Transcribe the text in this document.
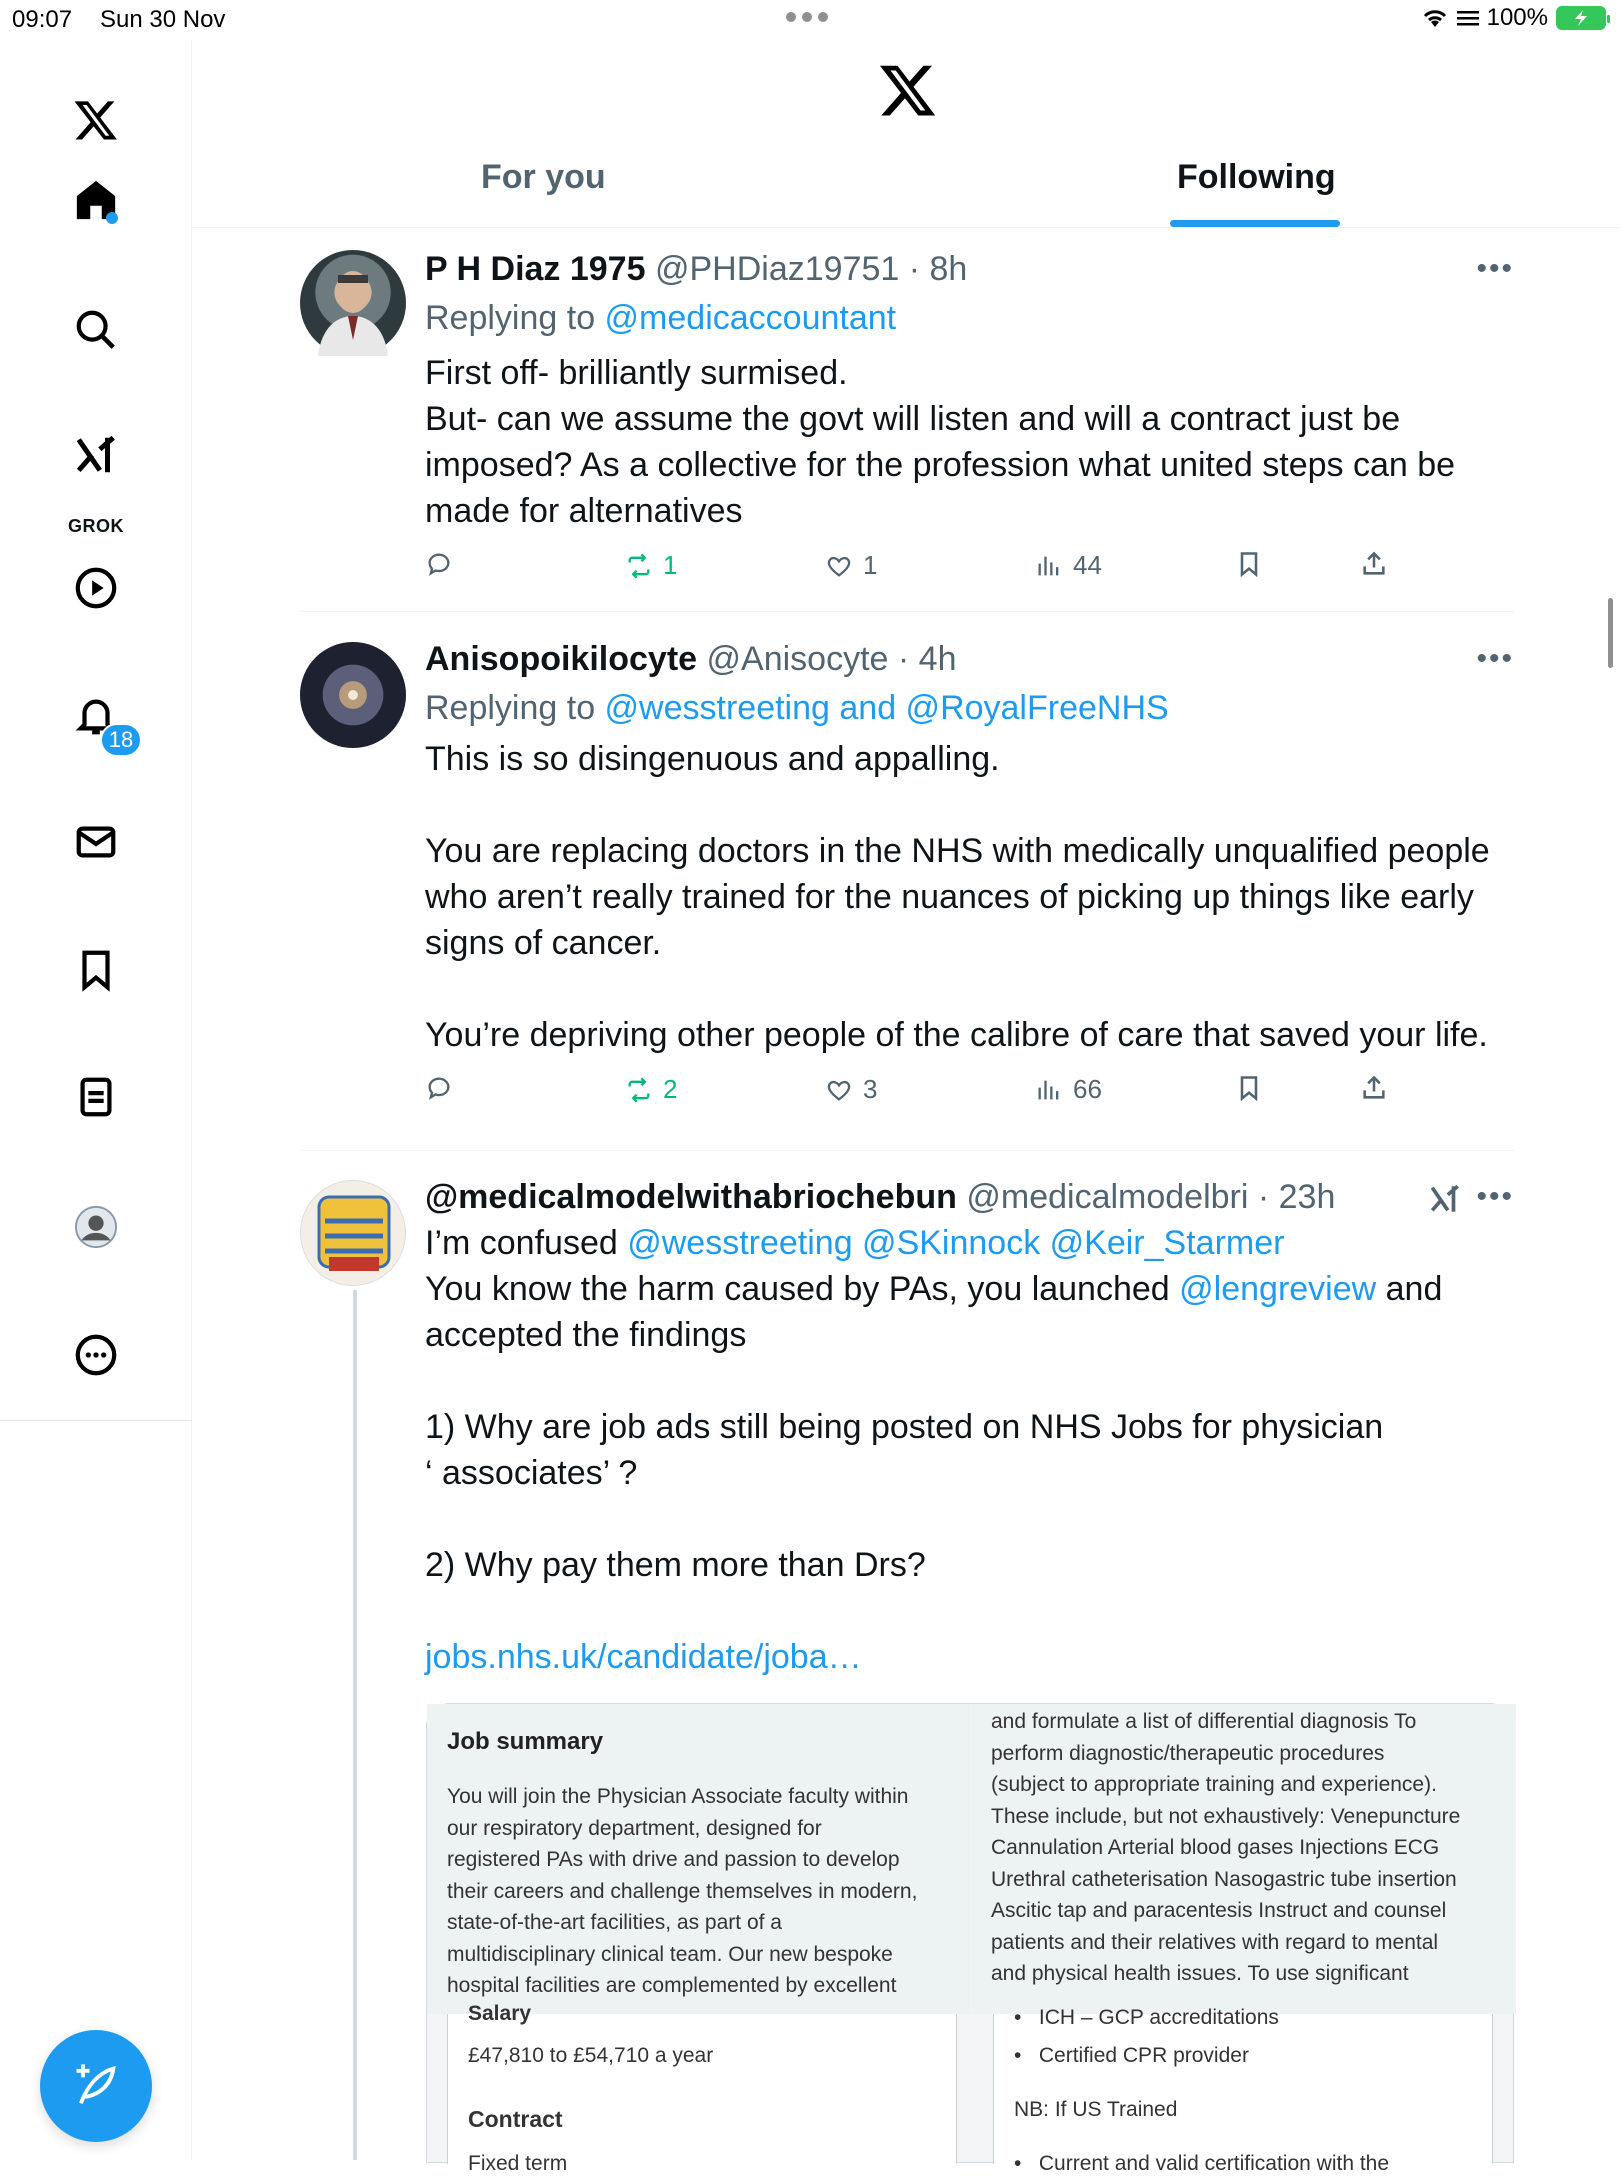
09:07 Sun 30 Nov	100%
GROK
18
For you	Following
P H Diaz 1975 @PHDiaz19751 · 8h	•••
Replying to @medicaccountant

First off- brilliantly surmised.

But- can we assume the govt will listen and will a contract just be

imposed? As a collective for the profession what united steps can be

made for alternatives

1	1	44
Anisopoikilocyte @Anisocyte · 4h	•••
Replying to @wesstreeting and @RoyalFreeNHS

This is so disingenuous and appalling.

You are replacing doctors in the NHS with medically unqualified people

who aren’t really trained for the nuances of picking up things like early

signs of cancer.

You’re depriving other people of the calibre of care that saved your life.

2	3	66
@medicalmodelwithabriochebun @medicalmodelbri · 23h	•••

I’m confused @wesstreeting @SKinnock @Keir_Starmer

You know the harm caused by PAs, you launched @lengreview and

accepted the findings

1) Why are job ads still being posted on NHS Jobs for physician

‘ associates’ ?

2) Why pay them more than Drs?

jobs.nhs.uk/candidate/joba…

Job summary
You will join the Physician Associate faculty within
our respiratory department, designed for
registered PAs with drive and passion to develop
their careers and challenge themselves in modern,
state-of-the-art facilities, as part of a
multidisciplinary clinical team. Our new bespoke
hospital facilities are complemented by excellent
and formulate a list of differential diagnosis To
perform diagnostic/therapeutic procedures
(subject to appropriate training and experience).
These include, but not exhaustively: Venepuncture
Cannulation Arterial blood gases Injections ECG
Urethral catheterisation Nasogastric tube insertion
Ascitic tap and paracentesis Instruct and counsel
patients and their relatives with regard to mental
and physical health issues. To use significant
Salary
£47,810 to £54,710 a year
Contract
Fixed term
•   ICH – GCP accreditations
•   Certified CPR provider
NB: If US Trained
•   Current and valid certification with the
